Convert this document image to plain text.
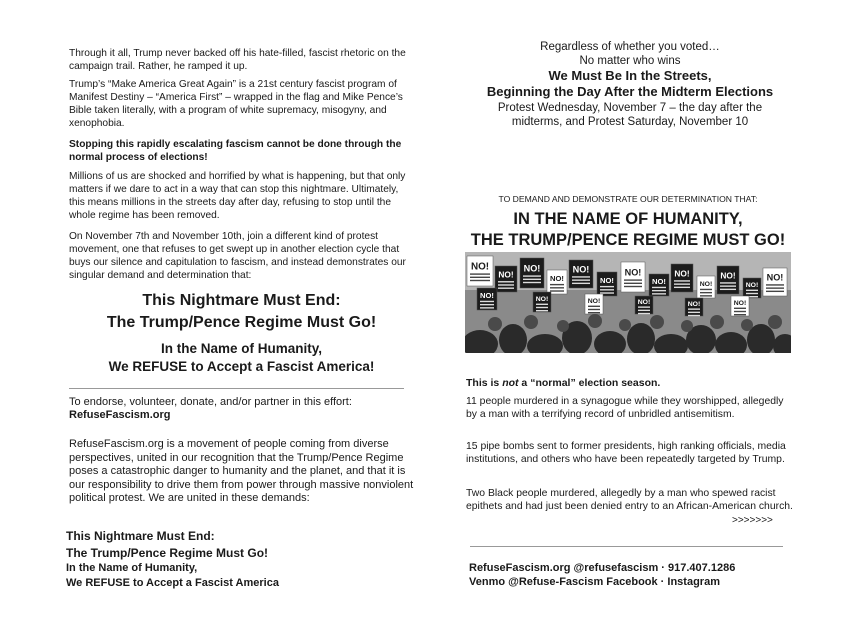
Through it all, Trump never backed off his hate-filled, fascist rhetoric on the campaign trail. Rather, he ramped it up.

Trump’s “Make America Great Again” is a 21st century fascist program of Manifest Destiny – “America First” – wrapped in the flag and Mike Pence’s Bible taken literally, with a program of white supremacy, misogyny, and xenophobia.

Stopping this rapidly escalating fascism cannot be done through the normal process of elections!

Millions of us are shocked and horrified by what is happening, but that only matters if we dare to act in a way that can stop this nightmare. Ultimately, this means millions in the streets day after day, refusing to stop until the whole regime has been removed.

On November 7th and November 10th, join a different kind of protest movement, one that refuses to get swept up in another election cycle that buys our silence and capitulation to fascism, and instead demonstrates our singular demand and determination that:

This Nightmare Must End:
The Trump/Pence Regime Must Go!
In the Name of Humanity,
We REFUSE to Accept a Fascist America!

To endorse, volunteer, donate, and/or partner in this effort:

RefuseFascism.org

RefuseFascism.org is a movement of people coming from diverse perspectives, united in our recognition that the Trump/Pence Regime poses a catastrophic danger to humanity and the planet, and that it is our responsibility to drive them from power through massive nonviolent political protest. We are united in these demands:

This Nightmare Must End:

The Trump/Pence Regime Must Go!

In the Name of Humanity,

We REFUSE to Accept a Fascist America

Regardless of whether you voted…

No matter who wins

We Must Be In the Streets,

Beginning the Day After the Midterm Elections

Protest Wednesday, November 7 – the day after the

midterms, and Protest Saturday, November 10

TO DEMAND AND DEMONSTRATE OUR DETERMINATION THAT:

IN THE NAME OF HUMANITY,

THE TRUMP/PENCE REGIME MUST GO!

NO!
NO!
NO!
NO!
NO!
NO!
NO!
NO!
NO!
NO!
NO!
NO!
NO!
NO!	NO!	NO!	NO!	NO!	NO!

This is not a “normal” election season.

11 people murdered in a synagogue while they worshipped, allegedly by a man with a terrifying record of unbridled antisemitism.

15 pipe bombs sent to former presidents, high ranking officials, media institutions, and others who have been repeatedly targeted by Trump.

Two Black people murdered, allegedly by a man who spewed racist epithets and had just been denied entry to an African-American church.

>>>>>>>

RefuseFascism.org @refusefascism · 917.407.1286

Venmo @Refuse-Fascism Facebook · Instagram
